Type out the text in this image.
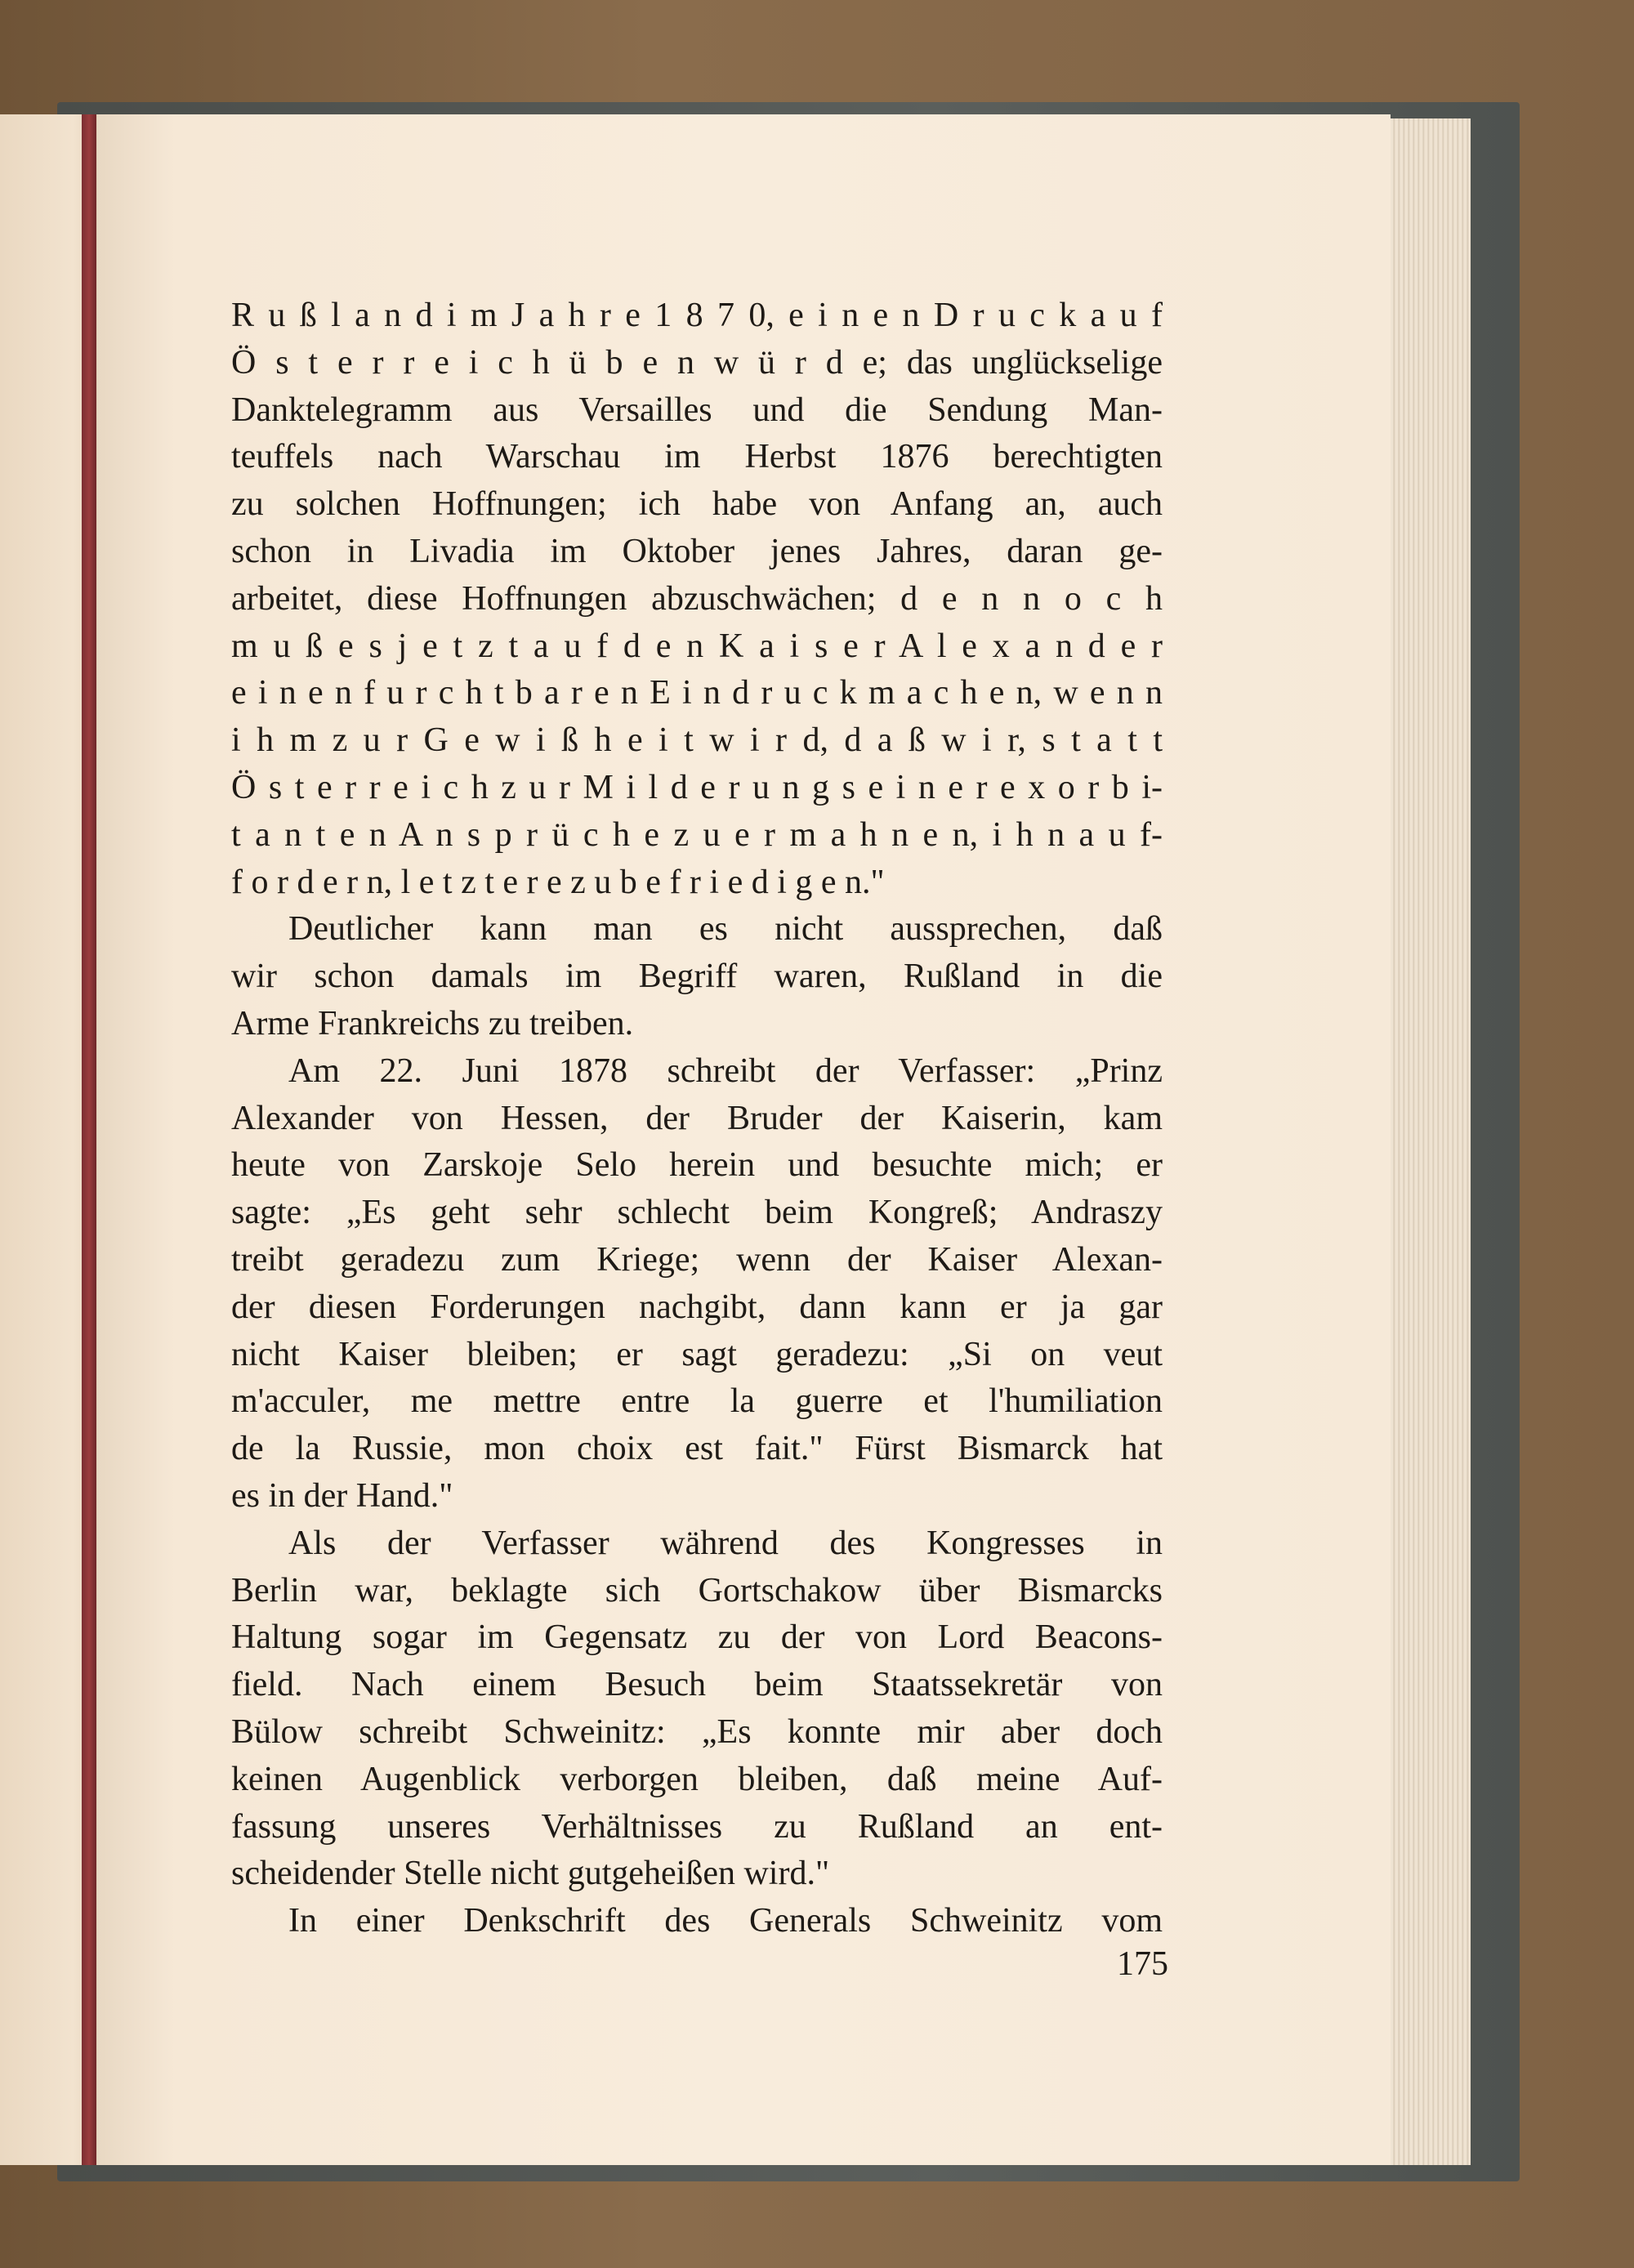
R u ß l a n d i m J a h r e 1 8 7 0, e i n e n D r u c k a u f
Ö s t e r r e i c h ü b e n w ü r d e; das unglückselige
Danktelegramm aus Versailles und die Sendung Man-
teuffels nach Warschau im Herbst 1876 berechtigten
zu solchen Hoffnungen; ich habe von Anfang an, auch
schon in Livadia im Oktober jenes Jahres, daran ge-
arbeitet, diese Hoffnungen abzuschwächen; d e n n o c h
m u ß e s j e t z t a u f d e n K a i s e r A l e x a n d e r
e i n e n f u r c h t b a r e n E i n d r u c k m a c h e n, w e n n
i h m z u r G e w i ß h e i t w i r d, d a ß w i r, s t a t t
Ö s t e r r e i c h z u r M i l d e r u n g s e i n e r e x o r b i-
t a n t e n A n s p r ü c h e z u e r m a h n e n, i h n a u f-
f o r d e r n, l e t z t e r e z u b e f r i e d i g e n."
Deutlicher kann man es nicht aussprechen, daß
wir schon damals im Begriff waren, Rußland in die
Arme Frankreichs zu treiben.
Am 22. Juni 1878 schreibt der Verfasser: „Prinz
Alexander von Hessen, der Bruder der Kaiserin, kam
heute von Zarskoje Selo herein und besuchte mich; er
sagte: „Es geht sehr schlecht beim Kongreß; Andraszy
treibt geradezu zum Kriege; wenn der Kaiser Alexan-
der diesen Forderungen nachgibt, dann kann er ja gar
nicht Kaiser bleiben; er sagt geradezu: „Si on veut
m'acculer, me mettre entre la guerre et l'humiliation
de la Russie, mon choix est fait." Fürst Bismarck hat
es in der Hand."
Als der Verfasser während des Kongresses in
Berlin war, beklagte sich Gortschakow über Bismarcks
Haltung sogar im Gegensatz zu der von Lord Beacons-
field. Nach einem Besuch beim Staatssekretär von
Bülow schreibt Schweinitz: „Es konnte mir aber doch
keinen Augenblick verborgen bleiben, daß meine Auf-
fassung unseres Verhältnisses zu Rußland an ent-
scheidender Stelle nicht gutgeheißen wird."
In einer Denkschrift des Generals Schweinitz vom
175
